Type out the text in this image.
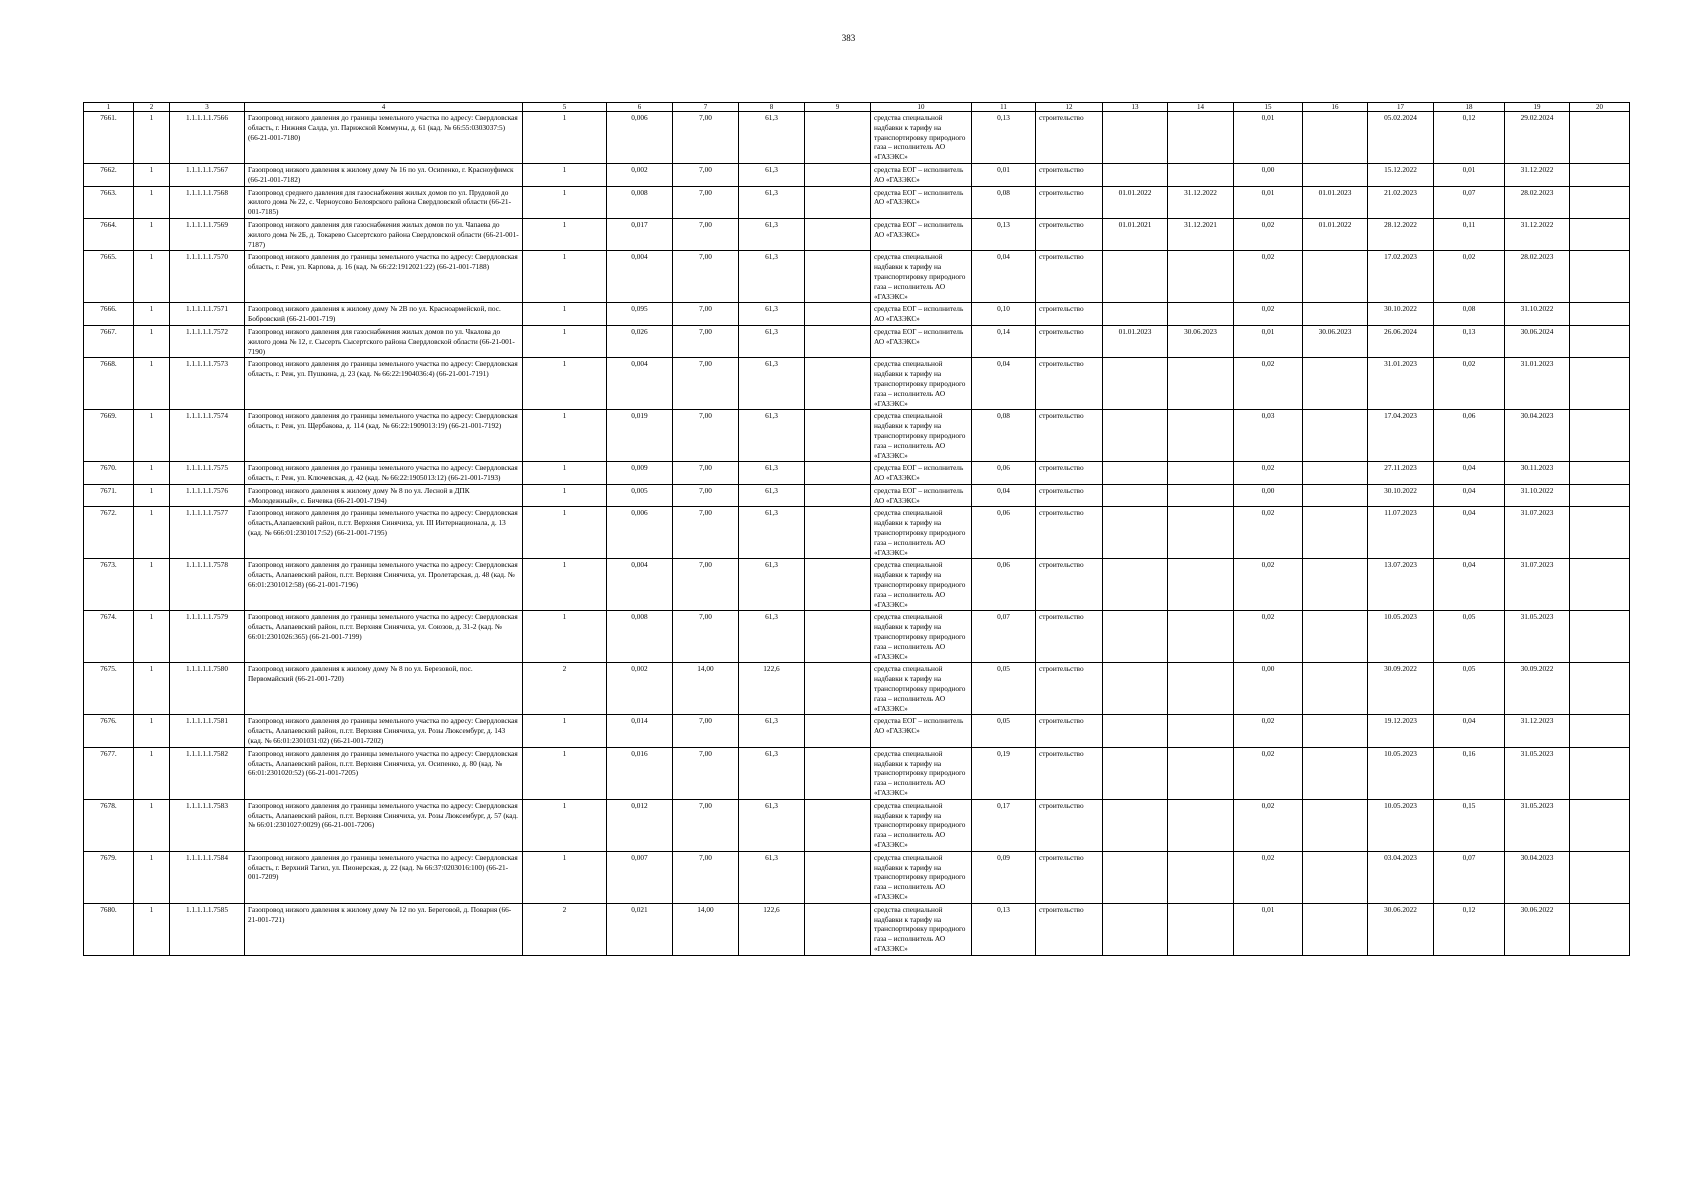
383
1	2	3	4	5	6	7	8	9	10	11	12	13	14	15	16	17	18	19	20
7661.	1	1.1.1.1.1.7566	Газопровод низкого давления до границы земельного участка по адресу: Свердловская область, г. Нижняя Салда, ул. Парижской Коммуны, д. 61 (кад. № 66:55:0303037:5) (66-21-001-7180)	1	0,006	7,00	61,3		средства специальной надбавки к тарифу на транспортировку природного газа – исполнитель АО «ГАЗЭКС»	0,13	строительство			0,01		05.02.2024	0,12	29.02.2024	
7662.	1	1.1.1.1.1.7567	Газопровод низкого давления к жилому дому № 16 по ул. Осипенко, г. Красноуфимск (66-21-001-7182)	1	0,002	7,00	61,3		средства ЕОГ – исполнитель АО «ГАЗЭКС»	0,01	строительство			0,00		15.12.2022	0,01	31.12.2022	
7663.	1	1.1.1.1.1.7568	Газопровод среднего давления для газоснабжения жилых домов по ул. Прудовой до жилого дома № 22, с. Черноусово Белоярского района Свердловской области (66-21-001-7185)	1	0,008	7,00	61,3		средства ЕОГ – исполнитель АО «ГАЗЭКС»	0,08	строительство	01.01.2022	31.12.2022	0,01	01.01.2023	21.02.2023	0,07	28.02.2023	
7664.	1	1.1.1.1.1.7569	Газопровод низкого давления для газоснабжения жилых домов по ул. Чапаева до жилого дома № 2Б, д. Токарево Сысертского района Свердловской области (66-21-001-7187)	1	0,017	7,00	61,3		средства ЕОГ – исполнитель АО «ГАЗЭКС»	0,13	строительство	01.01.2021	31.12.2021	0,02	01.01.2022	28.12.2022	0,11	31.12.2022	
7665.	1	1.1.1.1.1.7570	Газопровод низкого давления до границы земельного участка по адресу: Свердловская область, г. Реж, ул. Карпова, д. 16 (кад. № 66:22:1912021:22) (66-21-001-7188)	1	0,004	7,00	61,3		средства специальной надбавки к тарифу на транспортировку природного газа – исполнитель АО «ГАЗЭКС»	0,04	строительство			0,02		17.02.2023	0,02	28.02.2023	
7666.	1	1.1.1.1.1.7571	Газопровод низкого давления к жилому дому № 2В по ул. Красноармейской, пос. Бобровский (66-21-001-719)	1	0,095	7,00	61,3		средства ЕОГ – исполнитель АО «ГАЗЭКС»	0,10	строительство			0,02		30.10.2022	0,08	31.10.2022	
7667.	1	1.1.1.1.1.7572	Газопровод низкого давления для газоснабжения жилых домов по ул. Чкалова до жилого дома № 12, г. Сысерть Сысертского района Свердловской области (66-21-001-7190)	1	0,026	7,00	61,3		средства ЕОГ – исполнитель АО «ГАЗЭКС»	0,14	строительство	01.01.2023	30.06.2023	0,01	30.06.2023	26.06.2024	0,13	30.06.2024	
7668.	1	1.1.1.1.1.7573	Газопровод низкого давления до границы земельного участка по адресу: Свердловская область, г. Реж, ул. Пушкина, д. 23 (кад. № 66:22:1904036:4) (66-21-001-7191)	1	0,004	7,00	61,3		средства специальной надбавки к тарифу на транспортировку природного газа – исполнитель АО «ГАЗЭКС»	0,04	строительство			0,02		31.01.2023	0,02	31.01.2023	
7669.	1	1.1.1.1.1.7574	Газопровод низкого давления до границы земельного участка по адресу: Свердловская область, г. Реж, ул. Щербакова, д. 114 (кад. № 66:22:1909013:19) (66-21-001-7192)	1	0,019	7,00	61,3		средства специальной надбавки к тарифу на транспортировку природного газа – исполнитель АО «ГАЗЭКС»	0,08	строительство			0,03		17.04.2023	0,06	30.04.2023	
7670.	1	1.1.1.1.1.7575	Газопровод низкого давления до границы земельного участка по адресу: Свердловская область, г. Реж, ул. Ключевская, д. 42 (кад. № 66:22:1905013:12) (66-21-001-7193)	1	0,009	7,00	61,3		средства ЕОГ – исполнитель АО «ГАЗЭКС»	0,06	строительство			0,02		27.11.2023	0,04	30.11.2023	
7671.	1	1.1.1.1.1.7576	Газопровод низкого давления к жилому дому № 8 по ул. Лесной в ДПК «Молодежный», с. Бичевка (66-21-001-7194)	1	0,005	7,00	61,3		средства ЕОГ – исполнитель АО «ГАЗЭКС»	0,04	строительство			0,00		30.10.2022	0,04	31.10.2022	
7672.	1	1.1.1.1.1.7577	Газопровод низкого давления до границы земельного участка по адресу: Свердловская область,Алапаевский район, п.г.т. Верхняя Синячиха, ул. III Интернационала, д. 13 (кад. № 666:01:2301017:52) (66-21-001-7195)	1	0,006	7,00	61,3		средства специальной надбавки к тарифу на транспортировку природного газа – исполнитель АО «ГАЗЭКС»	0,06	строительство			0,02		11.07.2023	0,04	31.07.2023	
7673.	1	1.1.1.1.1.7578	Газопровод низкого давления до границы земельного участка по адресу: Свердловская область, Алапаевский район, п.г.т. Верхняя Синячиха, ул. Пролетарская, д. 48 (кад. № 66:01:2301012:58) (66-21-001-7196)	1	0,004	7,00	61,3		средства специальной надбавки к тарифу на транспортировку природного газа – исполнитель АО «ГАЗЭКС»	0,06	строительство			0,02		13.07.2023	0,04	31.07.2023	
7674.	1	1.1.1.1.1.7579	Газопровод низкого давления до границы земельного участка по адресу: Свердловская область, Алапаевский район, п.г.т. Верхняя Синячиха, ул. Союзов, д. 31-2 (кад. № 66:01:2301026:365) (66-21-001-7199)	1	0,008	7,00	61,3		средства специальной надбавки к тарифу на транспортировку природного газа – исполнитель АО «ГАЗЭКС»	0,07	строительство			0,02		10.05.2023	0,05	31.05.2023	
7675.	1	1.1.1.1.1.7580	Газопровод низкого давления к жилому дому № 8 по ул. Березовой, пос. Первомайский (66-21-001-720)	2	0,002	14,00	122,6		средства специальной надбавки к тарифу на транспортировку природного газа – исполнитель АО «ГАЗЭКС»	0,05	строительство			0,00		30.09.2022	0,05	30.09.2022	
7676.	1	1.1.1.1.1.7581	Газопровод низкого давления до границы земельного участка по адресу: Свердловская область, Алапаевский район, п.г.т. Верхняя Синячиха, ул. Розы Люксембург, д. 143 (кад. № 66:01:2301031:02) (66-21-001-7202)	1	0,014	7,00	61,3		средства ЕОГ – исполнитель АО «ГАЗЭКС»	0,05	строительство			0,02		19.12.2023	0,04	31.12.2023	
7677.	1	1.1.1.1.1.7582	Газопровод низкого давления до границы земельного участка по адресу: Свердловская область, Алапаевский район, п.г.т. Верхняя Синячиха, ул. Осипенко, д. 80 (кад. № 66:01:2301020:52) (66-21-001-7205)	1	0,016	7,00	61,3		средства специальной надбавки к тарифу на транспортировку природного газа – исполнитель АО «ГАЗЭКС»	0,19	строительство			0,02		10.05.2023	0,16	31.05.2023	
7678.	1	1.1.1.1.1.7583	Газопровод низкого давления до границы земельного участка по адресу: Свердловская область, Алапаевский район, п.г.т. Верхняя Синячиха, ул. Розы Люксембург, д. 57 (кад. № 66:01:2301027:0029) (66-21-001-7206)	1	0,012	7,00	61,3		средства специальной надбавки к тарифу на транспортировку природного газа – исполнитель АО «ГАЗЭКС»	0,17	строительство			0,02		10.05.2023	0,15	31.05.2023	
7679.	1	1.1.1.1.1.7584	Газопровод низкого давления до границы земельного участка по адресу: Свердловская область, г. Верхний Тагил, ул. Пионерская, д. 22 (кад. № 66:37:0203016:100) (66-21-001-7209)	1	0,007	7,00	61,3		средства специальной надбавки к тарифу на транспортировку природного газа – исполнитель АО «ГАЗЭКС»	0,09	строительство			0,02		03.04.2023	0,07	30.04.2023	
7680.	1	1.1.1.1.1.7585	Газопровод низкого давления к жилому дому № 12 по ул. Береговой, д. Поварня (66-21-001-721)	2	0,021	14,00	122,6		средства специальной надбавки к тарифу на транспортировку природного газа – исполнитель АО «ГАЗЭКС»	0,13	строительство			0,01		30.06.2022	0,12	30.06.2022	
